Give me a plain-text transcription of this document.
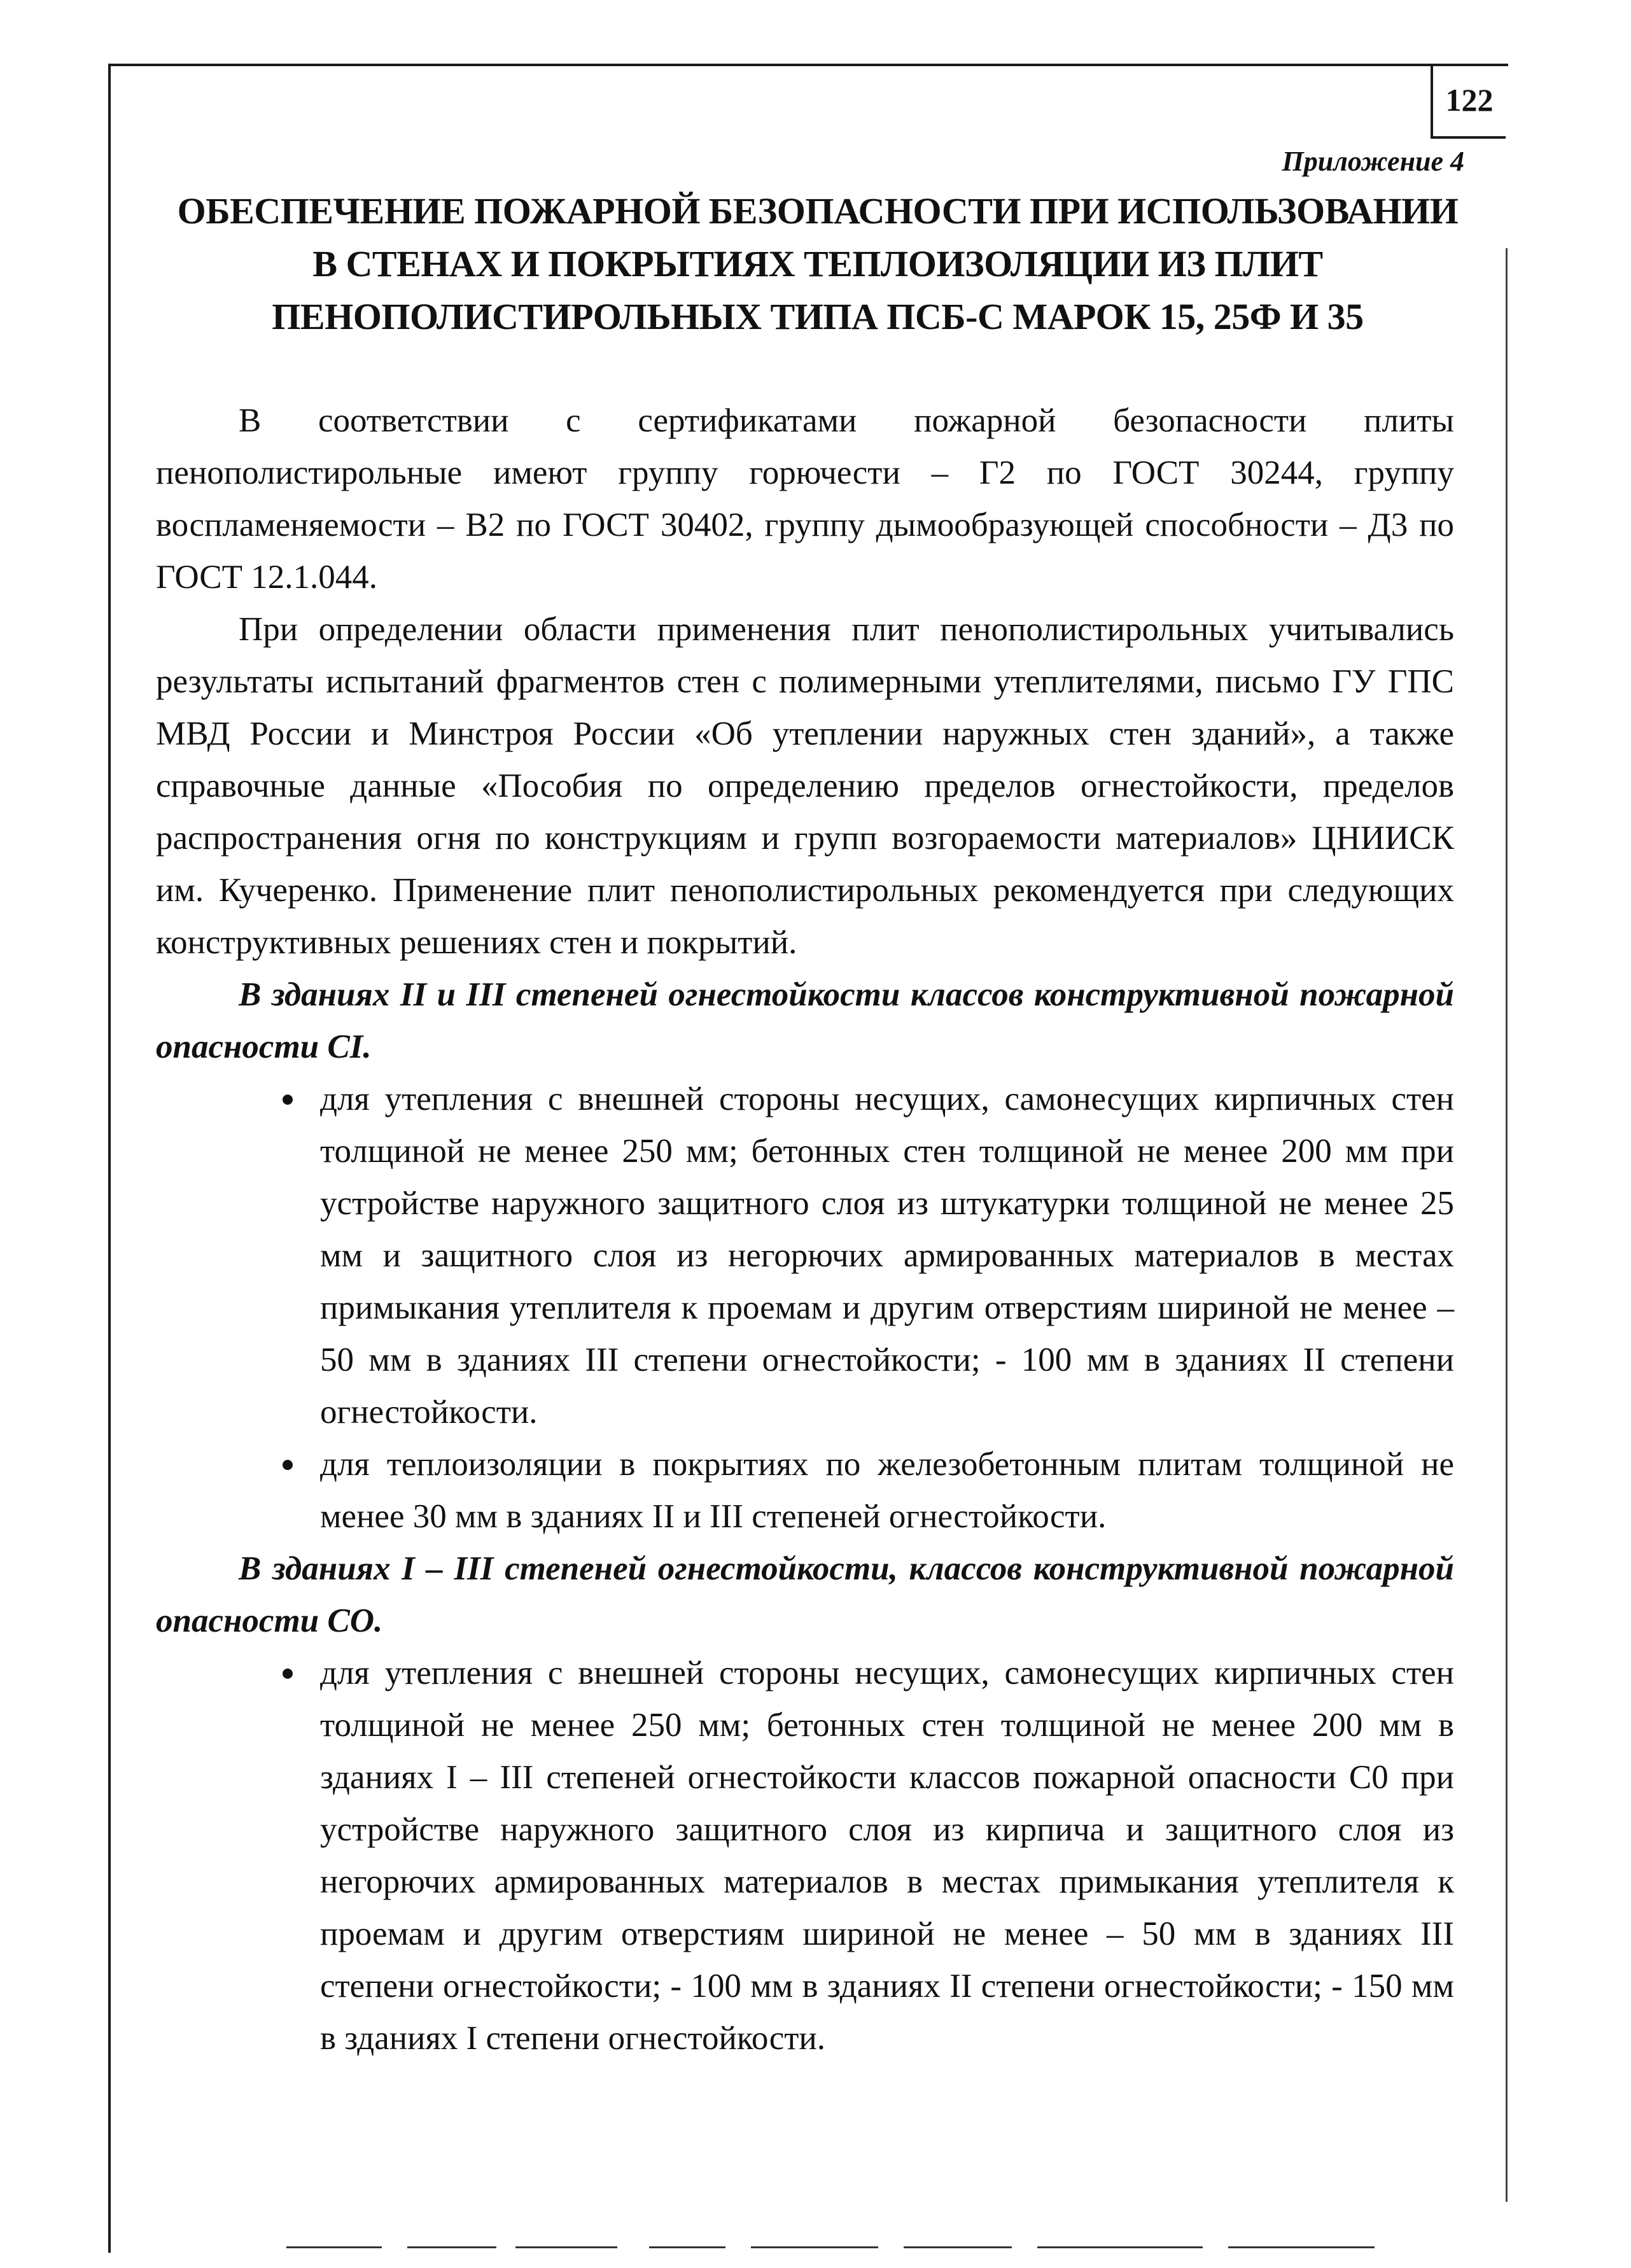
122
Приложение 4
ОБЕСПЕЧЕНИЕ ПОЖАРНОЙ БЕЗОПАСНОСТИ ПРИ ИСПОЛЬЗОВАНИИ В СТЕНАХ И ПОКРЫТИЯХ ТЕПЛОИЗОЛЯЦИИ ИЗ ПЛИТ ПЕНОПОЛИСТИРОЛЬНЫХ ТИПА ПСБ-С МАРОК 15, 25Ф И 35

В соответствии с сертификатами пожарной безопасности плиты пенополистирольные имеют группу горючести – Г2 по ГОСТ 30244, группу воспламеняемости – В2 по ГОСТ 30402, группу дымообразующей способности – Д3 по ГОСТ 12.1.044.

При определении области применения плит пенополистирольных учитывались результаты испытаний фрагментов стен с полимерными утеплителями, письмо ГУ ГПС МВД России и Минстроя России «Об утеплении наружных стен зданий», а также справочные данные «Пособия по определению пределов огнестойкости, пределов распространения огня по конструкциям и групп возгораемости материалов» ЦНИИСК им. Кучеренко. Применение плит пенополистирольных рекомендуется при следующих конструктивных решениях стен и покрытий.

В зданиях II и III степеней огнестойкости классов конструктивной пожарной опасности CI.

для утепления с внешней стороны несущих, самонесущих кирпичных стен толщиной не менее 250 мм; бетонных стен толщиной не менее 200 мм при устройстве наружного защитного слоя из штукатурки толщиной не менее 25 мм и защитного слоя из негорючих армированных материалов в местах примыкания утеплителя к проемам и другим отверстиям шириной не менее – 50 мм в зданиях III степени огнестойкости; - 100 мм в зданиях II степени огнестойкости.
для теплоизоляции в покрытиях по железобетонным плитам толщиной не менее 30 мм в зданиях II и III степеней огнестойкости.

В зданиях I – III степеней огнестойкости, классов конструктивной пожарной опасности СО.

для утепления с внешней стороны несущих, самонесущих кирпичных стен толщиной не менее 250 мм; бетонных стен толщиной не менее 200 мм в зданиях I – III степеней огнестойкости классов пожарной опасности С0 при устройстве наружного защитного слоя из кирпича и защитного слоя из негорючих армированных материалов в местах примыкания утеплителя к проемам и другим отверстиям шириной не менее – 50 мм в зданиях III степени огнестойкости; - 100 мм в зданиях II степени огнестойкости; - 150 мм в зданиях I степени огнестойкости.
